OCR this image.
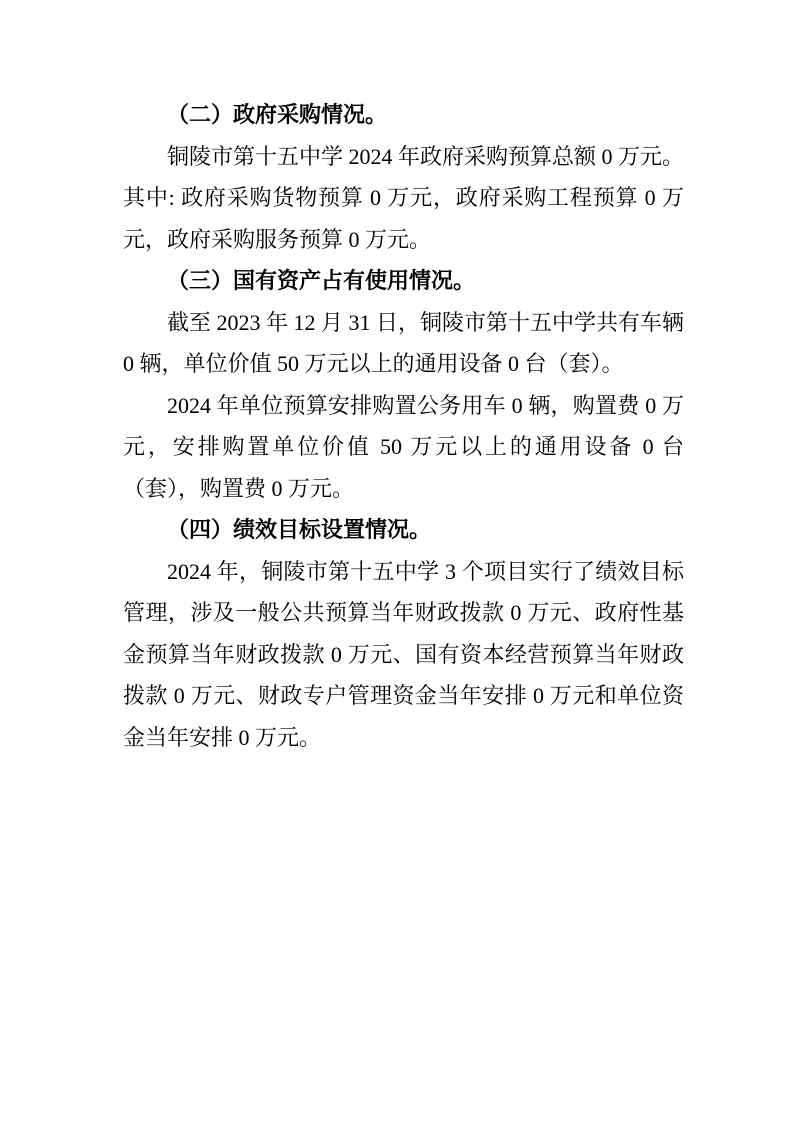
（二）政府采购情况。

铜陵市第十五中学 2024 年政府采购预算总额 0 万元。其中: 政府采购货物预算 0 万元，政府采购工程预算 0 万元，政府采购服务预算 0 万元。

（三）国有资产占有使用情况。

截至 2023 年 12 月 31 日，铜陵市第十五中学共有车辆 0 辆，单位价值 50 万元以上的通用设备 0 台（套）。

2024 年单位预算安排购置公务用车 0 辆，购置费 0 万元，安排购置单位价值 50 万元以上的通用设备 0 台（套），购置费 0 万元。

（四）绩效目标设置情况。

2024 年，铜陵市第十五中学 3 个项目实行了绩效目标管理，涉及一般公共预算当年财政拨款 0 万元、政府性基金预算当年财政拨款 0 万元、国有资本经营预算当年财政拨款 0 万元、财政专户管理资金当年安排 0 万元和单位资金当年安排 0 万元。
